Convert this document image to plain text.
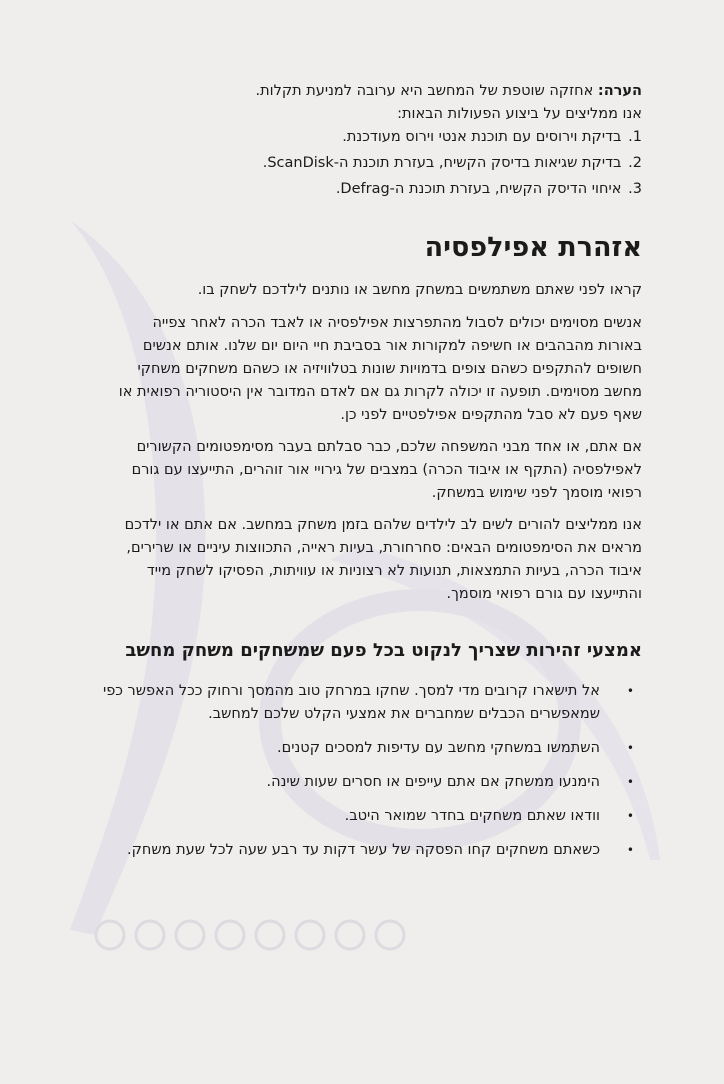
הערה: אחזקה שוטפת של המחשב היא ערובה למניעת תקלות.

אנו ממליצים על ביצוע הפעולות הבאות:

1. בדיקת וירוסים עם תוכנת אנטי וירוס מעודכנת.
2. בדיקת שגיאות בדיסק הקשיח, בעזרת תוכנת ה-ScanDisk.
3. איחוי הדיסק הקשיח, בעזרת תוכנת ה-Defrag.
אזהרת אפילפסיה

קראו לפני שאתם משתמשים במשחק מחשב או נותנים לילדכם לשחק בו.

אנשים מסוימים יכולים לסבול מהתפרצות אפילפסיה או לאבד הכרה לאחר צפייה

באורות מהבהבים או חשיפה למקורות אור בסביבת חיי היום יום שלנו. אותם אנשים

חשופים להתקפים כשהם צופים בדמויות שונות בטלוויזיה או כשהם משחקים משחקי

מחשב מסוימים. תופעה זו יכולה לקרות גם אם לאדם המדובר אין היסטוריה רפואית או

שאף פעם לא סבל מהתקפים אפילפטיים לפני כן.

אם אתם, או אחד מבני המשפחה שלכם, כבר סבלתם בעבר מסימפטומים הקשורים

לאפילפסיה (התקף או איבוד הכרה) במצבים של גירויי אור זוהרים, התייעצו עם גורם

רפואי מוסמך לפני שימוש במשחק.

אנו ממליצים להורים לשים לב לילדים שלהם בזמן משחק במחשב. אם אתם או ילדכם

מראים את הסימפטומים הבאים: סחרחורת, בעיות ראייה, התכווצות עיניים או שרירים,

איבוד הכרה, בעיות התמצאות, תנועות לא רצוניות או עוויתות, הפסיקו לשחק מייד

והתייעצו עם גורם רפואי מוסמך.

אמצעי זהירות שצריך לנקוט בכל פעם שמשחקים משחק מחשב
•

אל תישארו קרובים מדי למסך. שחקו במרחק טוב מהמסך ורחוק ככל האפשר כפי

שמאפשרים הכבלים שמחברים את אמצעי הקלט שלכם למחשב.

•

השתמשו במשחקי מחשב עם עדיפות למסכים קטנים.

•

הימנעו ממשחק אם אתם עייפים או חסרים שעות שינה.

•

וודאו שאתם משחקים בחדר שמואר היטב.

•

כשאתם משחקים קחו הפסקה של עשר דקות עד רבע שעה לכל שעת משחק.
